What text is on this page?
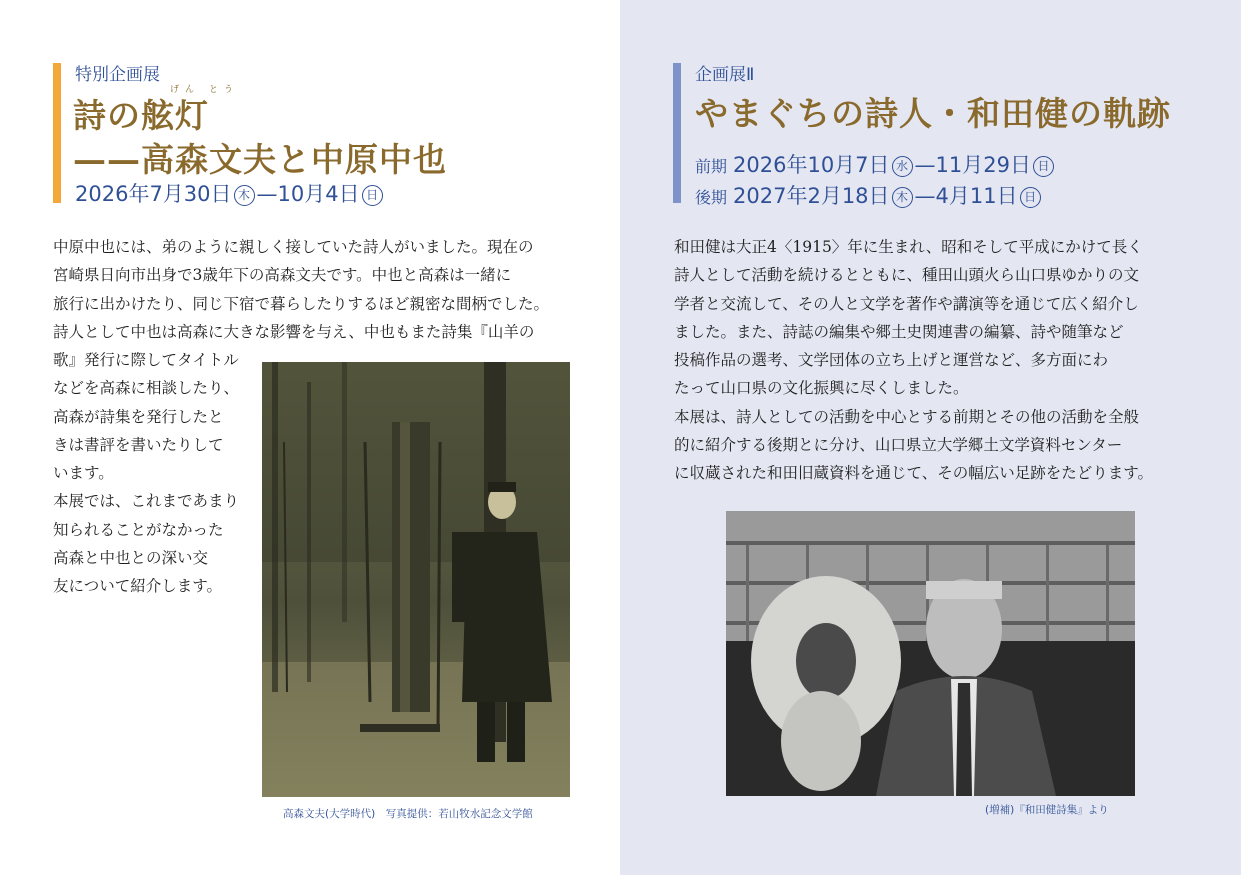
特別企画展
げん とう
詩の舷灯
——高森文夫と中原中也
2026年7月30日 木 —10月4日 日

中原中也には、弟のように親しく接していた詩人がいました。現在の

宮崎県日向市出身で3歳年下の高森文夫です。中也と高森は一緒に

旅行に出かけたり、同じ下宿で暮らしたりするほど親密な間柄でした。

詩人として中也は高森に大きな影響を与え、中也もまた詩集『山羊の

歌』発行に際してタイトル

などを高森に相談したり、

高森が詩集を発行したと

きは書評を書いたりして

います。

本展では、これまであまり

知られることがなかった

高森と中也との深い交

友について紹介します。

高森文夫(大学時代)　写真提供：若山牧水記念文学館
企画展Ⅱ
やまぐちの詩人・和田健の軌跡
前期 2026年10月7日 水 —11月29日 日
後期 2027年2月18日 木 —4月11日 日

和田健は大正4〈1915〉年に生まれ、昭和そして平成にかけて長く

詩人として活動を続けるとともに、種田山頭火ら山口県ゆかりの文

学者と交流して、その人と文学を著作や講演等を通じて広く紹介し

ました。また、詩誌の編集や郷土史関連書の編纂、詩や随筆など

投稿作品の選考、文学団体の立ち上げと運営など、多方面にわ

たって山口県の文化振興に尽くしました。

本展は、詩人としての活動を中心とする前期とその他の活動を全般

的に紹介する後期とに分け、山口県立大学郷土文学資料センター

に収蔵された和田旧蔵資料を通じて、その幅広い足跡をたどります。

(増補)『和田健詩集』より
